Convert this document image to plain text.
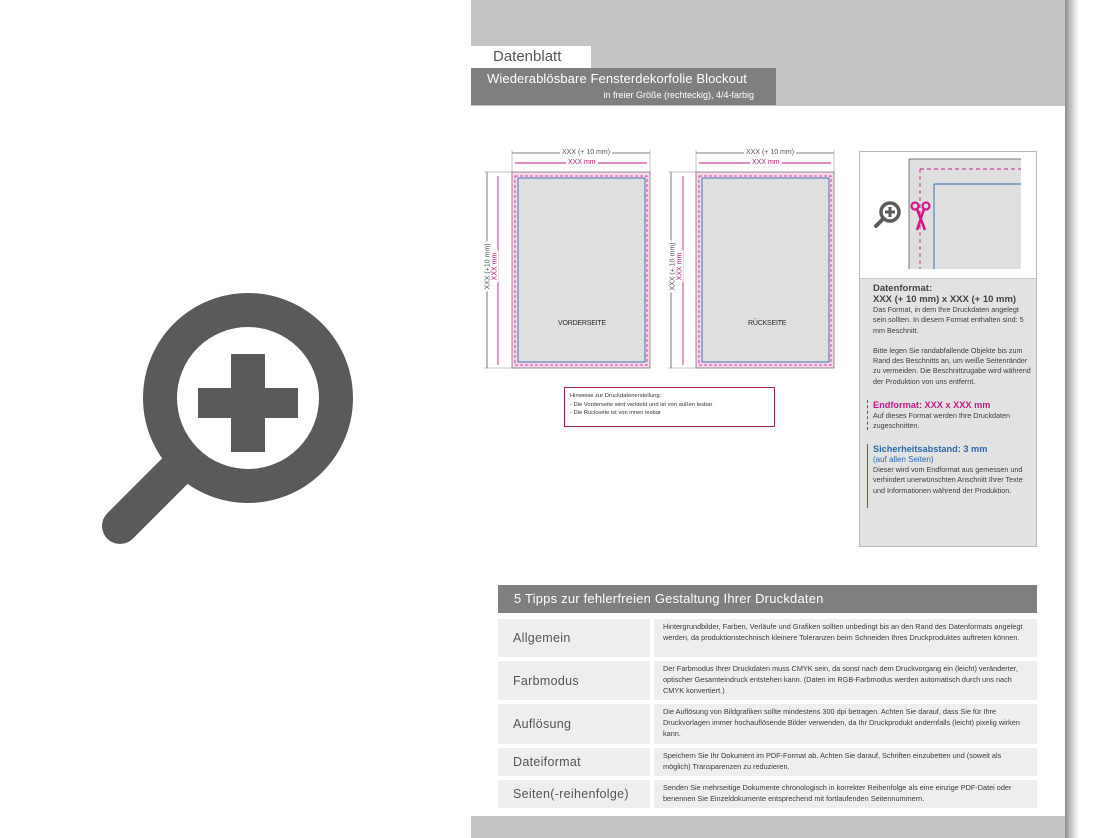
Datenblatt
Wiederablösbare Fensterdekorfolie Blockout
in freier Größe (rechteckig), 4/4-farbig
XXX (+ 10 mm)
XXX mm
XXX (+10 mm) XXX mm
VORDERSEITE
XXX (+ 10 mm)
XXX mm
XXX (+ 10 mm) XXX mm
RÜCKSEITE
Hinweise zur Druckdatenerstellung:
- Die Vorderseite wird verklebt und ist von außen lesbar
- Die Rückseite ist von innen lesbar
Datenformat:
XXX (+ 10 mm) x XXX (+ 10 mm)
Das Format, in dem Ihre Druckdaten angelegt sein sollten. In diesem Format enthalten sind: 5 mm Beschnitt.
Bitte legen Sie randabfallende Objekte bis zum Rand des Beschnitts an, um weiße Seitenränder zu vermeiden. Die Beschnittzugabe wird während der Produktion von uns entfernt.
Endformat: XXX x XXX mm
Auf dieses Format werden Ihre Druckdaten zugeschnitten.
Sicherheitsabstand: 3 mm
(auf allen Seiten)
Dieser wird vom Endformat aus gemessen und verhindert unerwünschten Anschnitt Ihrer Texte und Informationen während der Produktion.
5 Tipps zur fehlerfreien Gestaltung Ihrer Druckdaten
Allgemein
Hintergrundbilder, Farben, Verläufe und Grafiken sollten unbedingt bis an den Rand des Datenformats angelegt werden, da produktionstechnisch kleinere Toleranzen beim Schneiden Ihres Druckproduktes auftreten können.
Farbmodus
Der Farbmodus Ihrer Druckdaten muss CMYK sein, da sonst nach dem Druckvorgang ein (leicht) veränderter, optischer Gesamteindruck entstehen kann. (Daten im RGB-Farbmodus werden automatisch durch uns nach CMYK konvertiert.)
Auflösung
Die Auflösung von Bildgrafiken sollte mindestens 300 dpi betragen. Achten Sie darauf, dass Sie für Ihre Druckvorlagen immer hochauflösende Bilder verwenden, da Ihr Druckprodukt andernfalls (leicht) pixelig wirken kann.
Dateiformat	Speichern Sie Ihr Dokument im PDF-Format ab. Achten Sie darauf, Schriften einzubetten und (soweit als möglich) Transparenzen zu reduzieren.
Seiten(-reihenfolge)	Senden Sie mehrseitige Dokumente chronologisch in korrekter Reihenfolge als eine einzige PDF-Datei oder benennen Sie Einzeldokumente entsprechend mit fortlaufenden Seitennummern.
